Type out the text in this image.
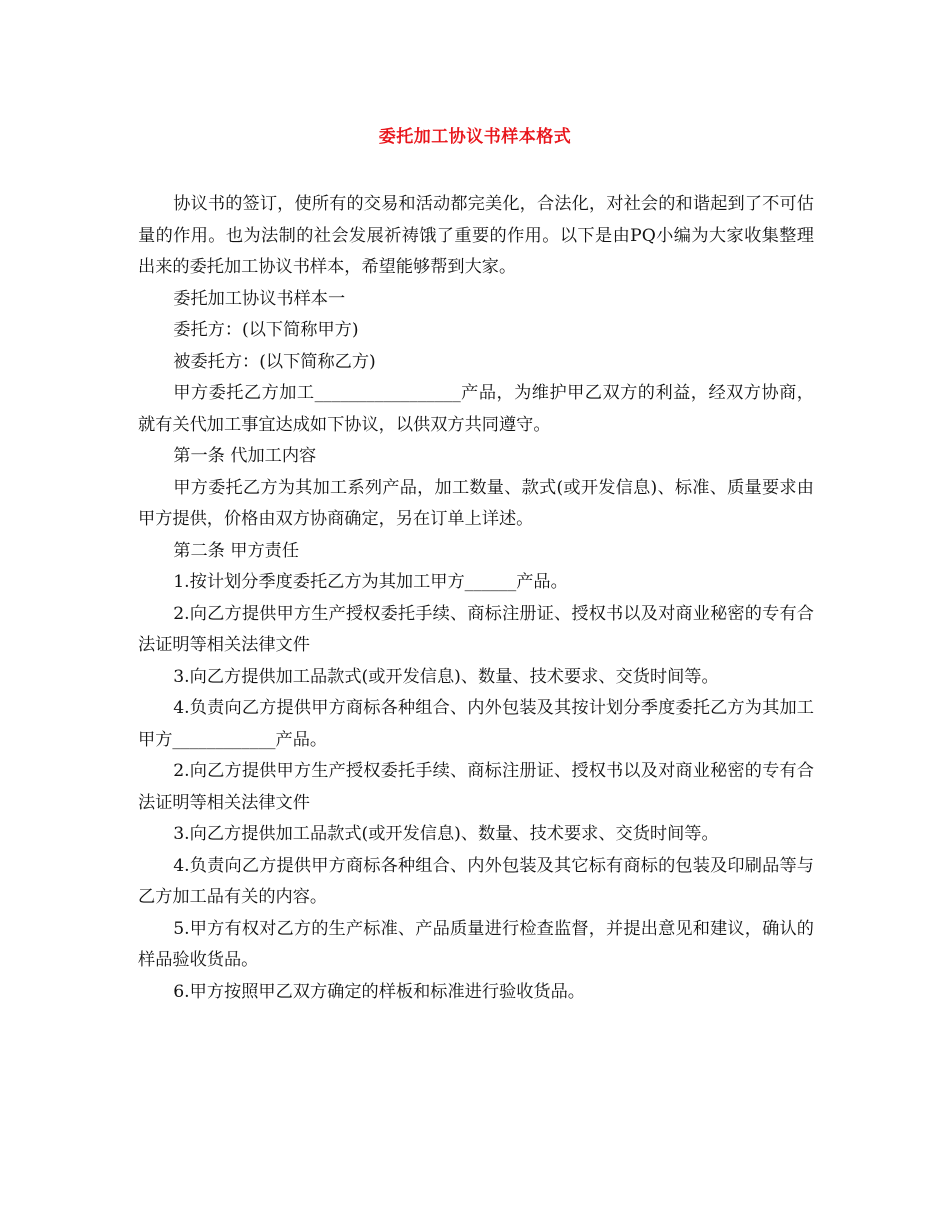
委托加工协议书样本格式

协议书的签订，使所有的交易和活动都完美化，合法化，对社会的和谐起到了不可估量的作用。也为法制的社会发展祈祷饿了重要的作用。以下是由PQ小编为大家收集整理出来的委托加工协议书样本，希望能够帮到大家。

委托加工协议书样本一

委托方：(以下简称甲方)

被委托方：(以下简称乙方)

甲方委托乙方加工_________________产品，为维护甲乙双方的利益，经双方协商，就有关代加工事宜达成如下协议，以供双方共同遵守。

第一条 代加工内容

甲方委托乙方为其加工系列产品，加工数量、款式(或开发信息)、标准、质量要求由甲方提供，价格由双方协商确定，另在订单上详述。

第二条 甲方责任

1.按计划分季度委托乙方为其加工甲方______产品。

2.向乙方提供甲方生产授权委托手续、商标注册证、授权书以及对商业秘密的专有合法证明等相关法律文件

3.向乙方提供加工品款式(或开发信息)、数量、技术要求、交货时间等。

4.负责向乙方提供甲方商标各种组合、内外包装及其按计划分季度委托乙方为其加工甲方____________产品。

2.向乙方提供甲方生产授权委托手续、商标注册证、授权书以及对商业秘密的专有合法证明等相关法律文件

3.向乙方提供加工品款式(或开发信息)、数量、技术要求、交货时间等。

4.负责向乙方提供甲方商标各种组合、内外包装及其它标有商标的包装及印刷品等与乙方加工品有关的内容。

5.甲方有权对乙方的生产标准、产品质量进行检查监督，并提出意见和建议，确认的样品验收货品。

6.甲方按照甲乙双方确定的样板和标准进行验收货品。
